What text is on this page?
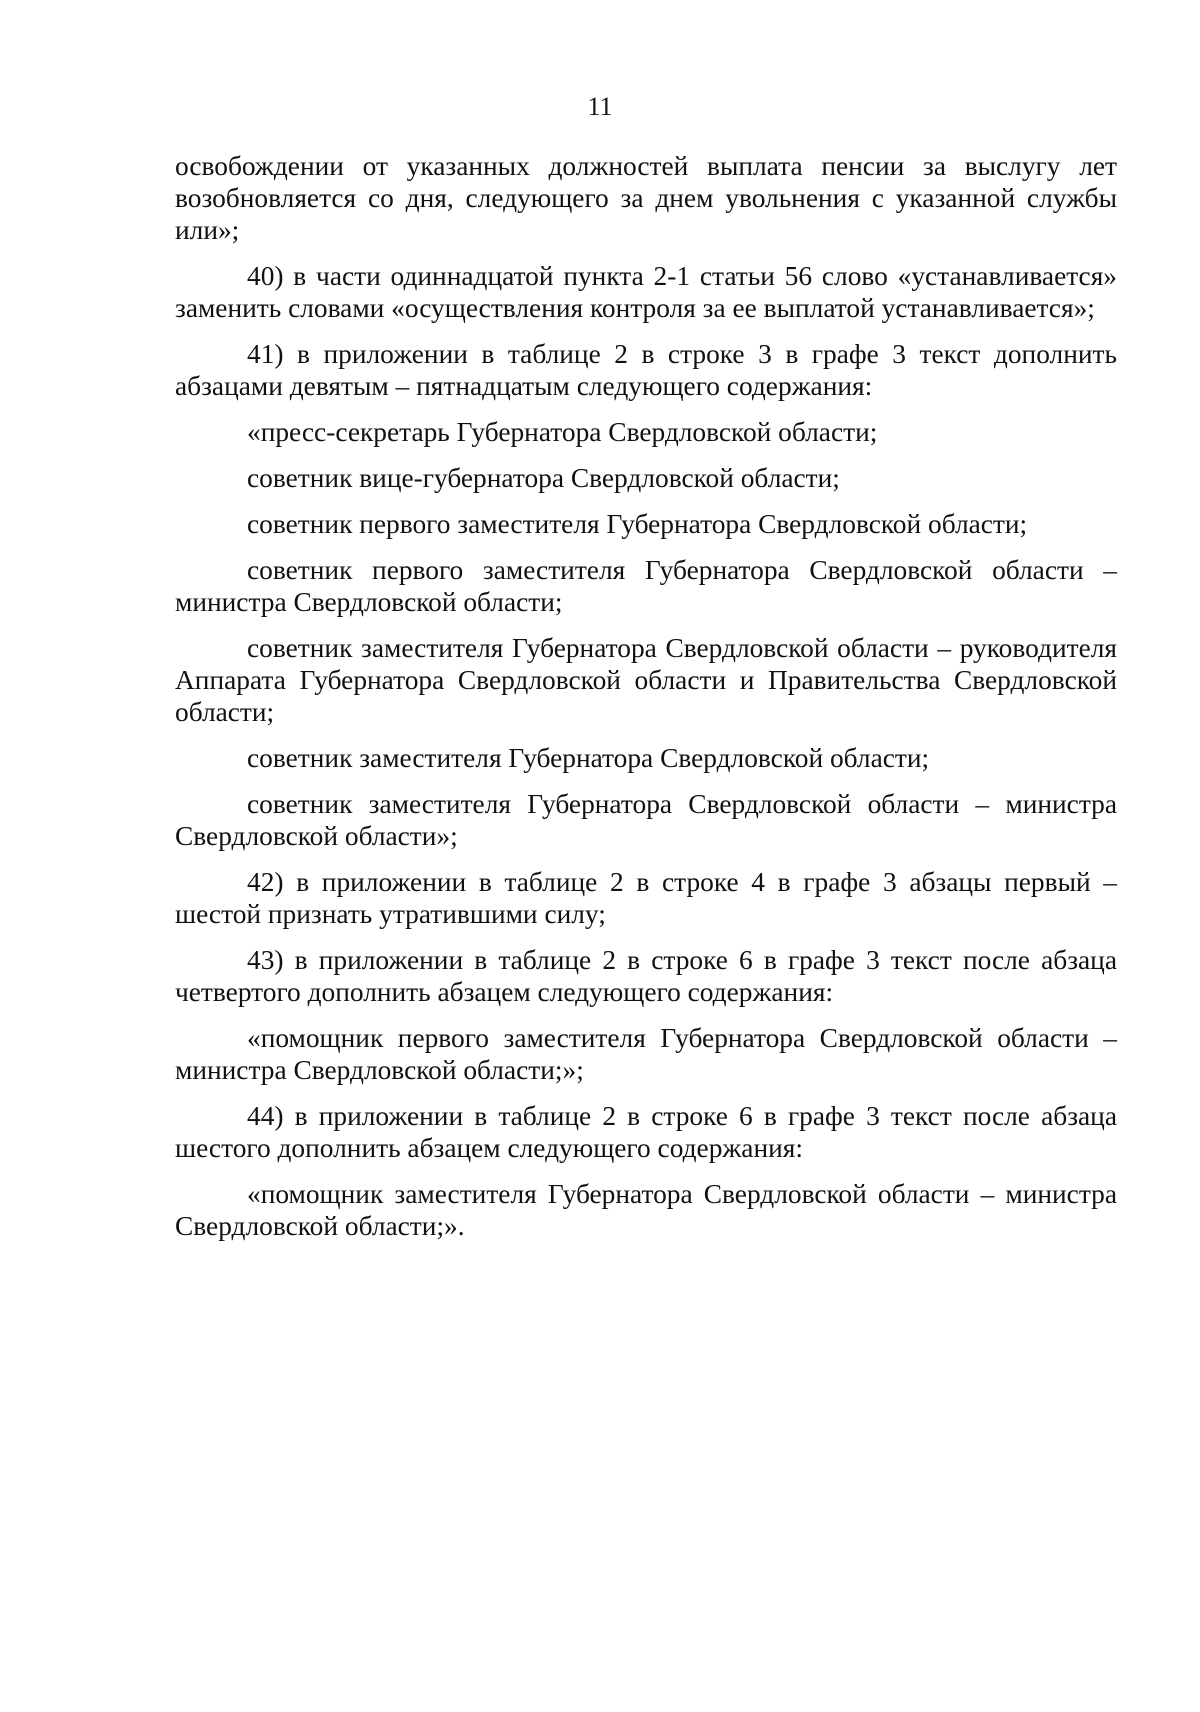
11

освобождении от указанных должностей выплата пенсии за выслугу лет возобновляется со дня, следующего за днем увольнения с указанной службы или»;

40) в части одиннадцатой пункта 2-1 статьи 56 слово «устанавливается» заменить словами «осуществления контроля за ее выплатой устанавливается»;

41) в приложении в таблице 2 в строке 3 в графе 3 текст дополнить абзацами девятым – пятнадцатым следующего содержания:

«пресс-секретарь Губернатора Свердловской области;

советник вице-губернатора Свердловской области;

советник первого заместителя Губернатора Свердловской области;

советник первого заместителя Губернатора Свердловской области – министра Свердловской области;

советник заместителя Губернатора Свердловской области – руководителя Аппарата Губернатора Свердловской области и Правительства Свердловской области;

советник заместителя Губернатора Свердловской области;

советник заместителя Губернатора Свердловской области – министра Свердловской области»;

42) в приложении в таблице 2 в строке 4 в графе 3 абзацы первый – шестой признать утратившими силу;

43) в приложении в таблице 2 в строке 6 в графе 3 текст после абзаца четвертого дополнить абзацем следующего содержания:

«помощник первого заместителя Губернатора Свердловской области – министра Свердловской области;»;

44) в приложении в таблице 2 в строке 6 в графе 3 текст после абзаца шестого дополнить абзацем следующего содержания:

«помощник заместителя Губернатора Свердловской области – министра Свердловской области;».
